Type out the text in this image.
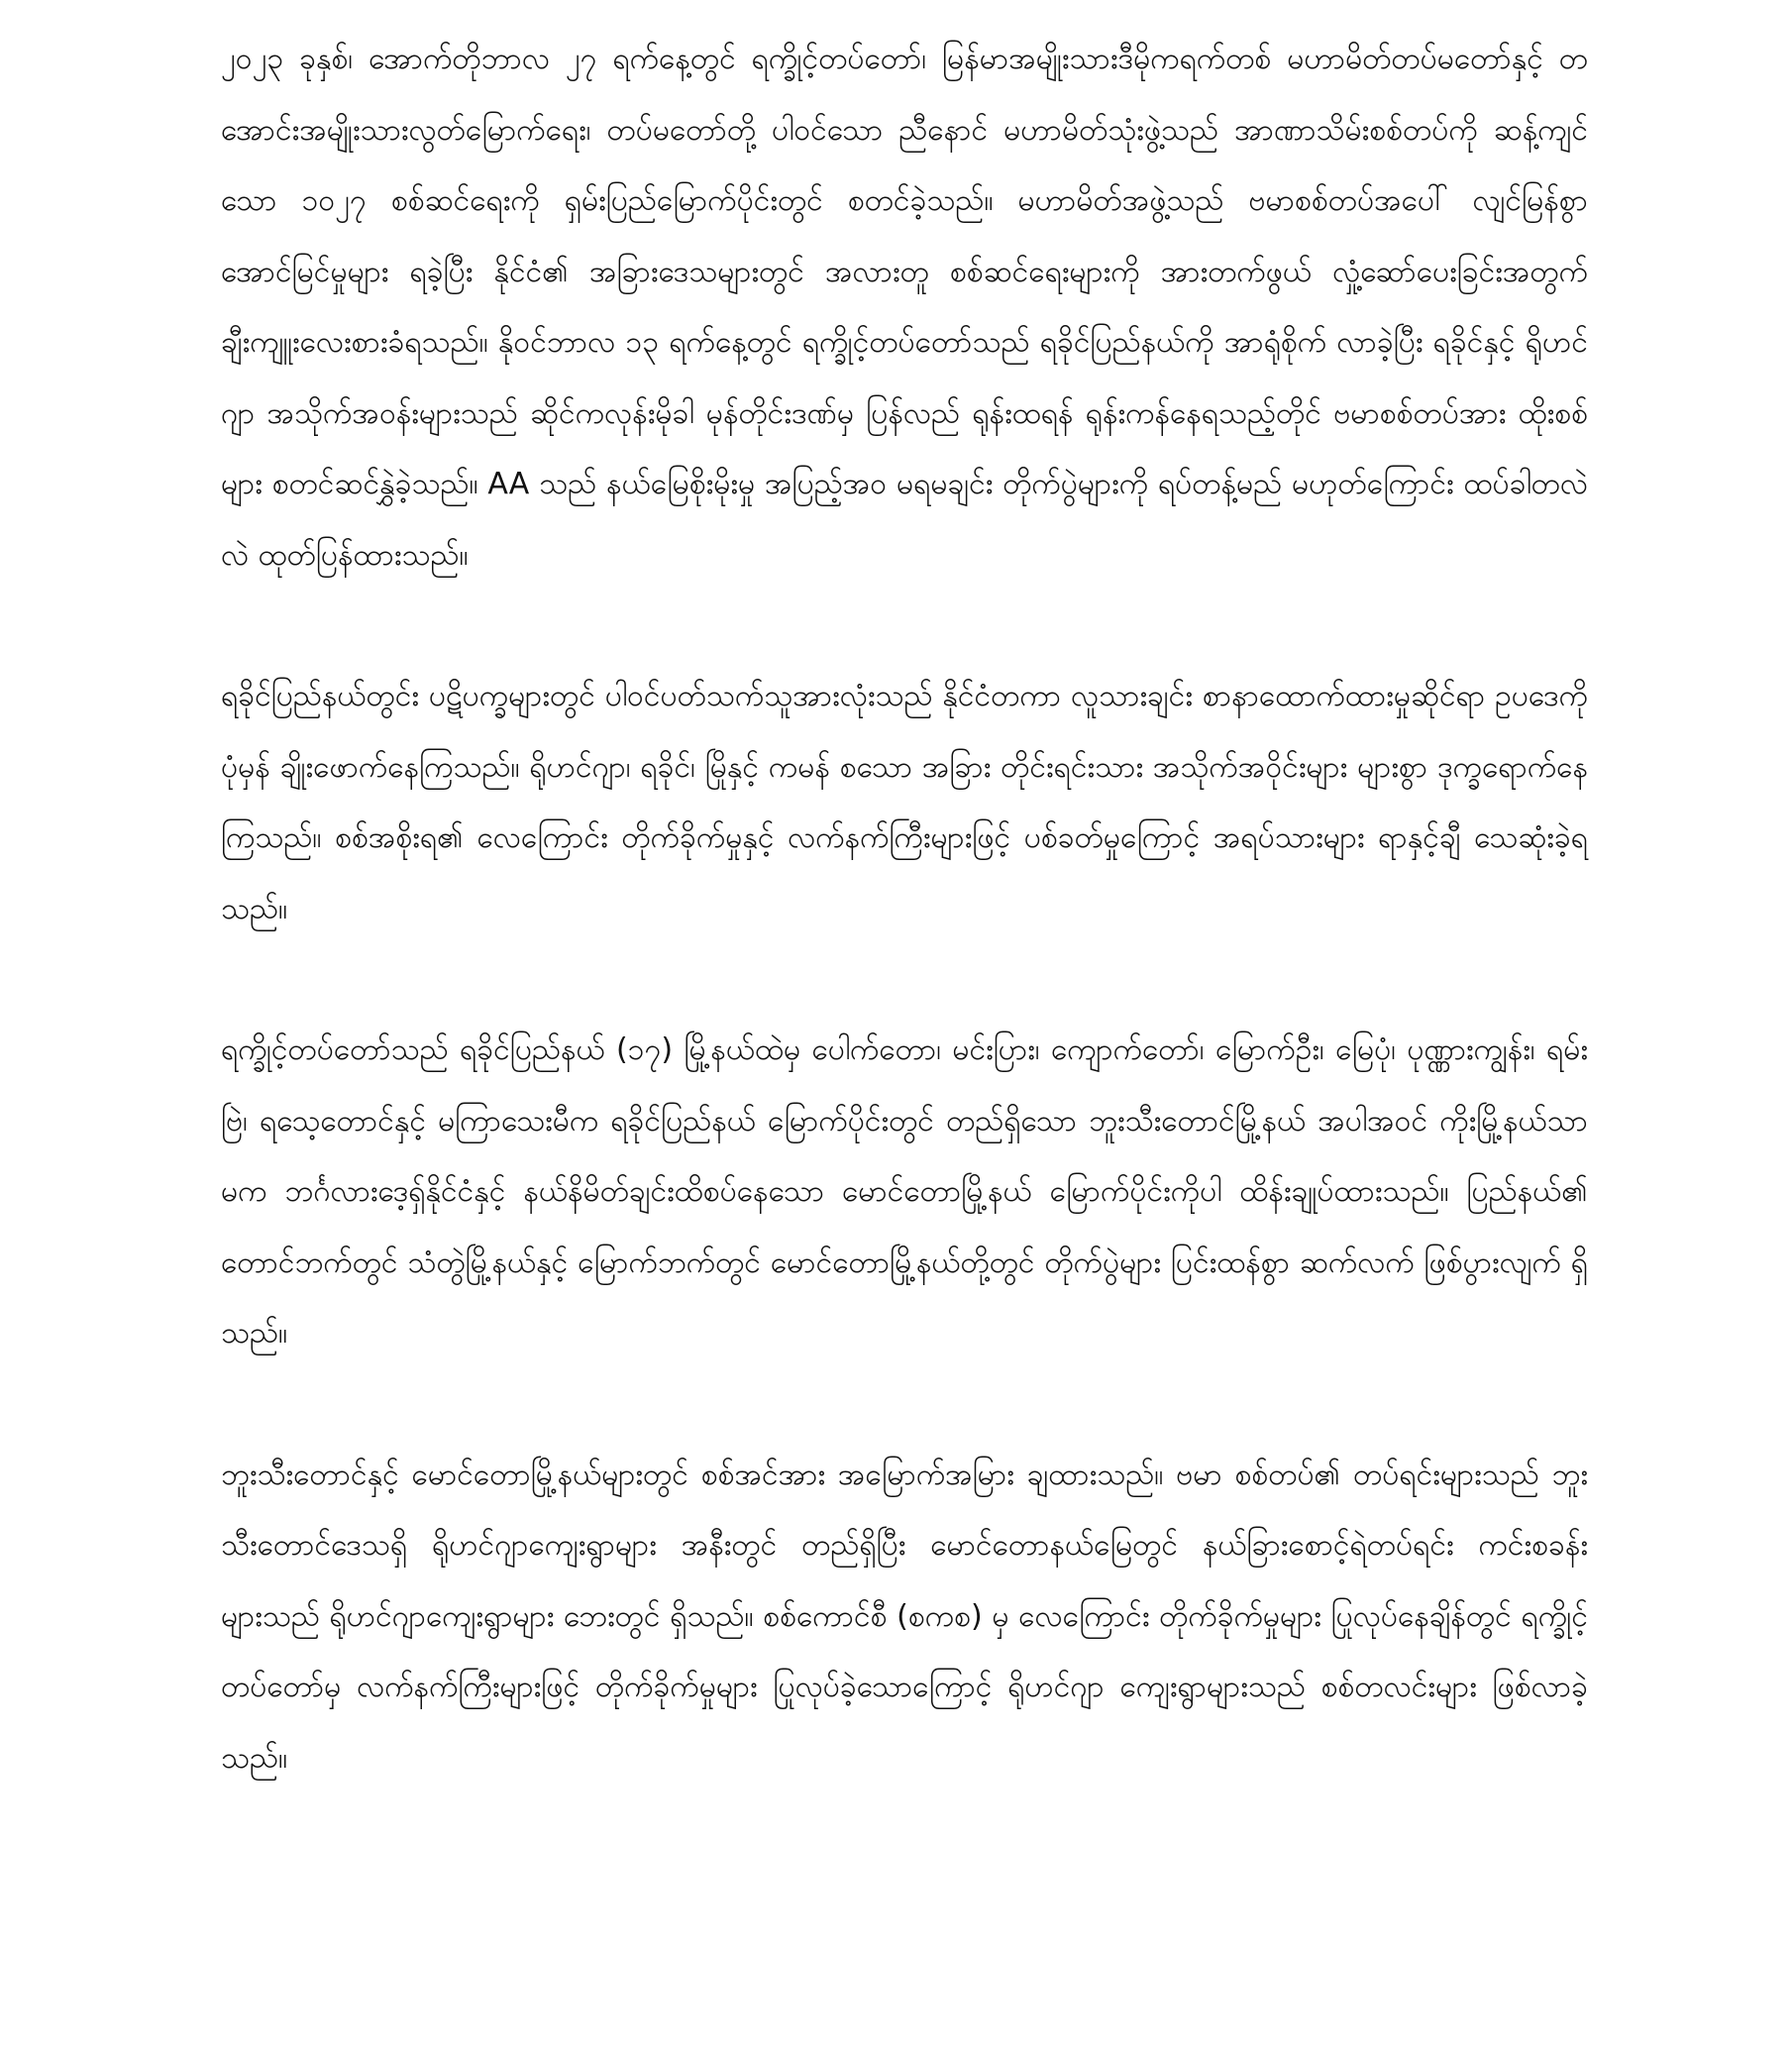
၂၀၂၃ ခုနှစ်၊ အောက်တိုဘာလ ၂၇ ရက်နေ့တွင် ရက္ခိုင့်တပ်တော်၊ မြန်မာအမျိုးသားဒီမိုကရက်တစ် မဟာမိတ်တပ်မတော်နှင့် တအောင်းအမျိုးသားလွတ်မြောက်ရေး၊ တပ်မတော်တို့ ပါဝင်သော ညီနောင် မဟာမိတ်သုံးဖွဲ့သည် အာဏာသိမ်းစစ်တပ်ကို ဆန့်ကျင်သော ၁၀၂၇ စစ်ဆင်ရေးကို ရှမ်းပြည်မြောက်ပိုင်းတွင် စတင်ခဲ့သည်။ မဟာမိတ်အဖွဲ့သည် ဗမာစစ်တပ်အပေါ် လျင်မြန်စွာ အောင်မြင်မှုများ ရခဲ့ပြီး နိုင်ငံ၏ အခြားဒေသများတွင် အလားတူ စစ်ဆင်ရေးများကို အားတက်ဖွယ် လှုံ့ဆော်ပေးခြင်းအတွက် ချီးကျူးလေးစားခံရသည်။ နိုဝင်ဘာလ ၁၃ ရက်နေ့တွင် ရက္ခိုင့်တပ်တော်သည် ရခိုင်ပြည်နယ်ကို အာရုံစိုက် လာခဲ့ပြီး ရခိုင်နှင့် ရိုဟင်ဂျာ အသိုက်အဝန်းများသည် ဆိုင်ကလုန်းမိုခါ မုန်တိုင်းဒဏ်မှ ပြန်လည် ရုန်းထရန် ရုန်းကန်နေရသည့်တိုင် ဗမာစစ်တပ်အား ထိုးစစ်များ စတင်ဆင်နွှဲခဲ့သည်။ AA သည် နယ်မြေစိုးမိုးမှု အပြည့်အဝ မရမချင်း တိုက်ပွဲများကို ရပ်တန့်မည် မဟုတ်ကြောင်း ထပ်ခါတလဲလဲ ထုတ်ပြန်ထားသည်။

ရခိုင်ပြည်နယ်တွင်း ပဋိပက္ခများတွင် ပါဝင်ပတ်သက်သူအားလုံးသည် နိုင်ငံတကာ လူသားချင်း စာနာထောက်ထားမှုဆိုင်ရာ ဥပဒေကို ပုံမှန် ချိုးဖောက်နေကြသည်။ ရိုဟင်ဂျာ၊ ရခိုင်၊ မြိုနှင့် ကမန် စသော အခြား တိုင်းရင်းသား အသိုက်အဝိုင်းများ များစွာ ဒုက္ခရောက်နေကြသည်။ စစ်အစိုးရ၏ လေကြောင်း တိုက်ခိုက်မှုနှင့် လက်နက်ကြီးများဖြင့် ပစ်ခတ်မှုကြောင့် အရပ်သားများ ရာနှင့်ချီ သေဆုံးခဲ့ရသည်။

ရက္ခိုင့်တပ်တော်သည် ရခိုင်ပြည်နယ် (၁၇) မြို့နယ်ထဲမှ ပေါက်တော၊ မင်းပြား၊ ကျောက်တော်၊ မြောက်ဦး၊ မြေပုံ၊ ပုဏ္ဏားကျွန်း၊ ရမ်းဗြဲ၊ ရသေ့တောင်နှင့် မကြာသေးမီက ရခိုင်ပြည်နယ် မြောက်ပိုင်းတွင် တည်ရှိသော ဘူးသီးတောင်မြို့နယ် အပါအဝင် ကိုးမြို့နယ်သာမက ဘင်္ဂလားဒေ့ရှ်နိုင်ငံနှင့် နယ်နိမိတ်ချင်းထိစပ်နေသော မောင်တောမြို့နယ် မြောက်ပိုင်းကိုပါ ထိန်းချုပ်ထားသည်။ ပြည်နယ်၏ တောင်ဘက်တွင် သံတွဲမြို့နယ်နှင့် မြောက်ဘက်တွင် မောင်တောမြို့နယ်တို့တွင် တိုက်ပွဲများ ပြင်းထန်စွာ ဆက်လက် ဖြစ်ပွားလျက် ရှိသည်။

ဘူးသီးတောင်နှင့် မောင်တောမြို့နယ်များတွင် စစ်အင်အား အမြောက်အမြား ချထားသည်။ ဗမာ စစ်တပ်၏ တပ်ရင်းများသည် ဘူးသီးတောင်ဒေသရှိ ရိုဟင်ဂျာကျေးရွာများ အနီးတွင် တည်ရှိပြီး မောင်တောနယ်မြေတွင် နယ်ခြားစောင့်ရဲတပ်ရင်း ကင်းစခန်းများသည် ရိုဟင်ဂျာကျေးရွာများ ဘေးတွင် ရှိသည်။ စစ်ကောင်စီ (စကစ) မှ လေကြောင်း တိုက်ခိုက်မှုများ ပြုလုပ်နေချိန်တွင် ရက္ခိုင့်တပ်တော်မှ လက်နက်ကြီးများဖြင့် တိုက်ခိုက်မှုများ ပြုလုပ်ခဲ့သောကြောင့် ရိုဟင်ဂျာ ကျေးရွာများသည် စစ်တလင်းများ ဖြစ်လာခဲ့သည်။
